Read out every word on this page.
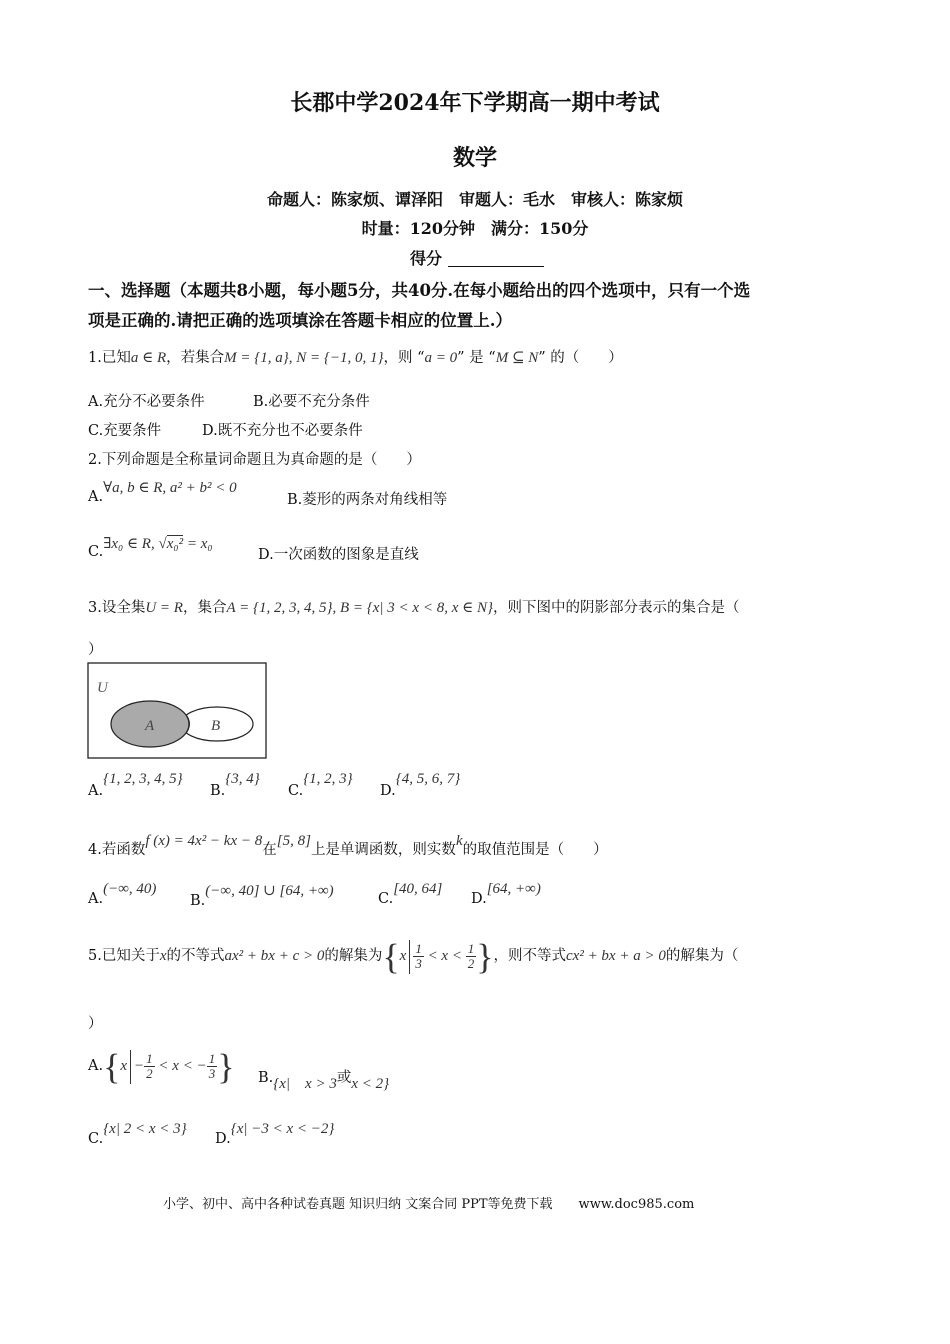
长郡中学2024年下学期高一期中考试
数学
命题人：陈家烦、谭泽阳　审题人：毛水　审核人：陈家烦
时量：120分钟　满分：150分
得分
一、选择题（本题共8小题，每小题5分，共40分.在每小题给出的四个选项中，只有一个选
项是正确的.请把正确的选项填涂在答题卡相应的位置上.）
1.已知a ∈ R，若集合M = {1, a}, N = {−1, 0, 1}，则 “a = 0” 是 “M ⊆ N” 的（　　）
A.充分不必要条件	B.必要不充分条件
C.充要条件	D.既不充分也不必要条件
2.下列命题是全称量词命题且为真命题的是（　　）
A.∀a, b ∈ R, a² + b² < 0
B.菱形的两条对角线相等
C.∃x₀ ∈ R, √x₀² = x₀
D.一次函数的图象是直线
3.设全集U = R，集合A = {1, 2, 3, 4, 5}, B = {x| 3 < x < 8, x ∈ N}，则下图中的阴影部分表示的集合是（
）
U
A	B
A.{1, 2, 3, 4, 5}
B.{3, 4}
C.{1, 2, 3}
D.{4, 5, 6, 7}
4.若函数f (x) = 4x² − kx − 8在[5, 8]上是单调函数，则实数k的取值范围是（　　）
A.(−∞, 40)
B.(−∞, 40] ∪ [64, +∞)	C.[40, 64]
D.[64, +∞)
5.已知关于x的不等式ax² + bx + c > 0的解集为{$x \frac{1}{3} < x < \frac{1}{2}$ }，则不等式cx² + bx + a > 0的解集为（
）
$A.\{x - \frac{1}{2} < x$ < − $\frac{1}{3}$ } B.{x|　x > 3或x < 2}
C.{x| 2 < x < 3}
D.{x| −3 < x < −2}
小学、初中、高中各种试卷真题 知识归纳 文案合同 PPT等免费下载　　www.doc985.com
